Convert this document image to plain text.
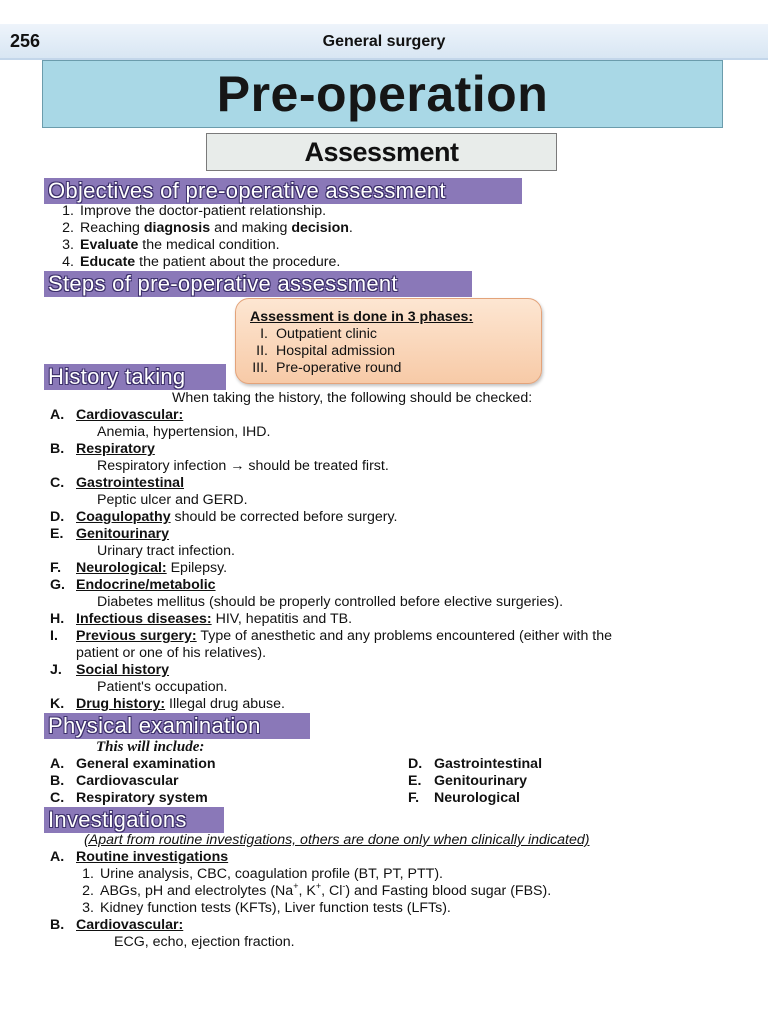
256	General surgery
Pre-operation
Assessment
Objectives of pre-operative assessment
1. Improve the doctor-patient relationship.
2. Reaching diagnosis and making decision.
3. Evaluate the medical condition.
4. Educate the patient about the procedure.
Steps of pre-operative assessment
Assessment is done in 3 phases:
I. Outpatient clinic
II. Hospital admission
III. Pre-operative round
History taking
When taking the history, the following should be checked:
A. Cardiovascular:
Anemia, hypertension, IHD.
B. Respiratory
Respiratory infection → should be treated first.
C. Gastrointestinal
Peptic ulcer and GERD.
D. Coagulopathy should be corrected before surgery.
E. Genitourinary
Urinary tract infection.
F. Neurological: Epilepsy.
G. Endocrine/metabolic
Diabetes mellitus (should be properly controlled before elective surgeries).
H. Infectious diseases: HIV, hepatitis and TB.
I. Previous surgery: Type of anesthetic and any problems encountered (either with the
patient or one of his relatives).
J. Social history
Patient's occupation.
K. Drug history: Illegal drug abuse.
Physical examination
This will include:
A. General examination
B. Cardiovascular
C. Respiratory system
D. Gastrointestinal
E. Genitourinary
F. Neurological
Investigations
(Apart from routine investigations, others are done only when clinically indicated)
A. Routine investigations
1. Urine analysis, CBC, coagulation profile (BT, PT, PTT).
2. ABGs, pH and electrolytes (Na+, K+, Cl-) and Fasting blood sugar (FBS).
3. Kidney function tests (KFTs), Liver function tests (LFTs).
B. Cardiovascular:
ECG, echo, ejection fraction.
